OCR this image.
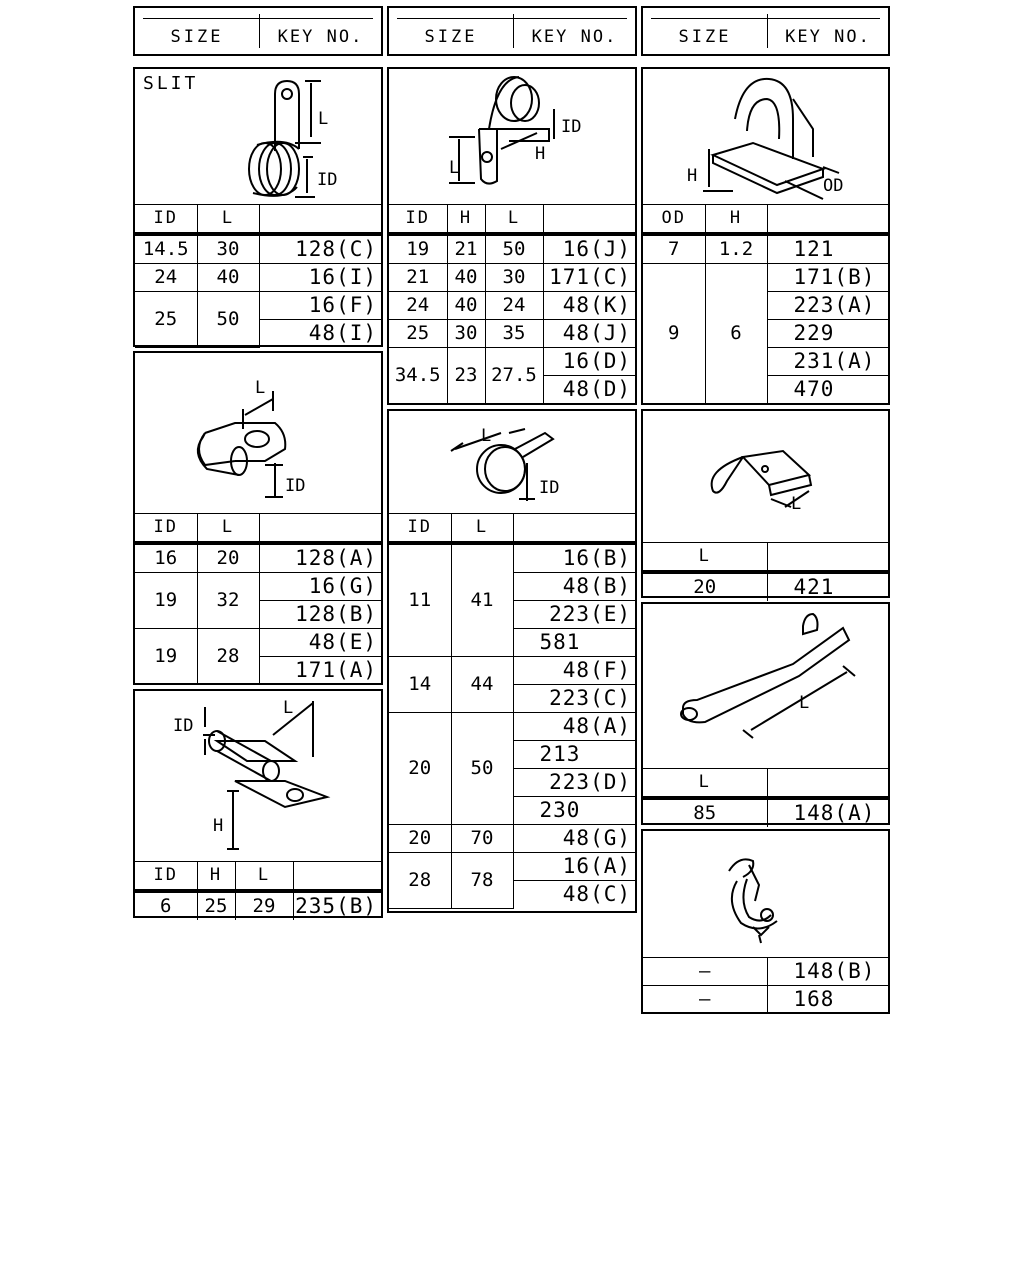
SIZE	KEY NO.	SIZE	KEY NO.	SIZE	KEY NO.
SLIT
L
ID
ID	L	
14.5	30	128(C)
24	40	16(I)
25	50	16(F)
		48(I)
L
ID
ID	L	
16	20	128(A)
19	32	16(G)
		128(B)
19	28	48(E)
		171(A)
ID
L
H
ID	H	L	
6	25	29	235(B)
ID
H
L
ID	H	L	
19	21	50	16(J)
21	40	30	171(C)
24	40	24	48(K)
25	30	35	48(J)
34.5	23	27.5	16(D)
			48(D)
L
ID
ID	L	
11	41	16(B)
		48(B)
		223(E)
		581
14	44	48(F)
		223(C)
20	50	48(A)
		213
		223(D)
		230
20	70	48(G)
28	78	16(A)
		48(C)
H	OD
OD	H	
7	1.2	121
9	6	171(B)
		223(A)
		229
		231(A)
		470
L
L	
20	421
L
L	
85	148(A)
–	148(B)
–	168
